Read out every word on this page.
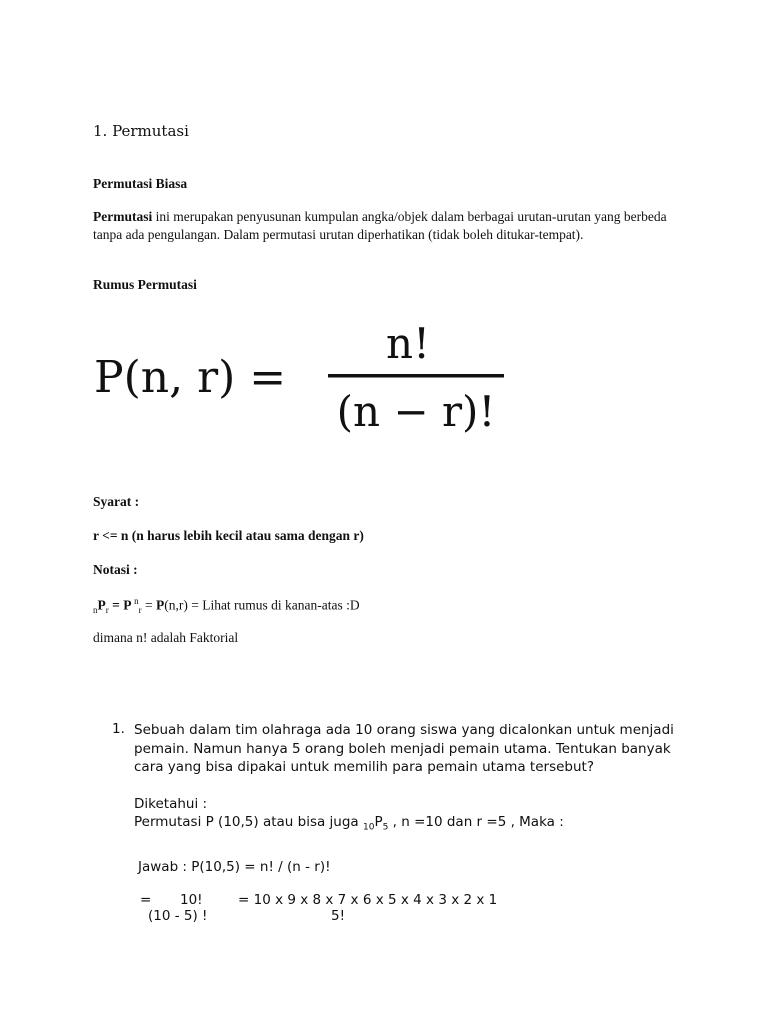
1. Permutasi

Permutasi Biasa

Permutasi ini merupakan penyusunan kumpulan angka/objek dalam berbagai urutan-urutan yang berbeda tanpa ada pengulangan. Dalam permutasi urutan diperhatikan (tidak boleh ditukar-tempat).

Rumus Permutasi

P(n, r) =
n!
(n − r)!

Syarat :

r <= n (n harus lebih kecil atau sama dengan r)

Notasi :

$_nP_r = P$ $^n_r$ = P(n,r) = Lihat rumus di kanan-atas :D

dimana n! adalah Faktorial

1. Sebuah dalam tim olahraga ada 10 orang siswa yang dicalonkan untuk menjadi pemain. Namun hanya 5 orang boleh menjadi pemain utama. Tentukan banyak cara yang bisa dipakai untuk memilih para pemain utama tersebut?
Diketahui :
Permutasi P (10,5) atau bisa juga $_{10}P_5$ , n =10 dan r =5 , Maka :

Jawab : P(10,5) = n! / (n - r)!

= 10!	= 10 x 9 x 8 x 7 x 6 x 5 x 4 x 3 x 2 x 1

(10 - 5) !	5!
